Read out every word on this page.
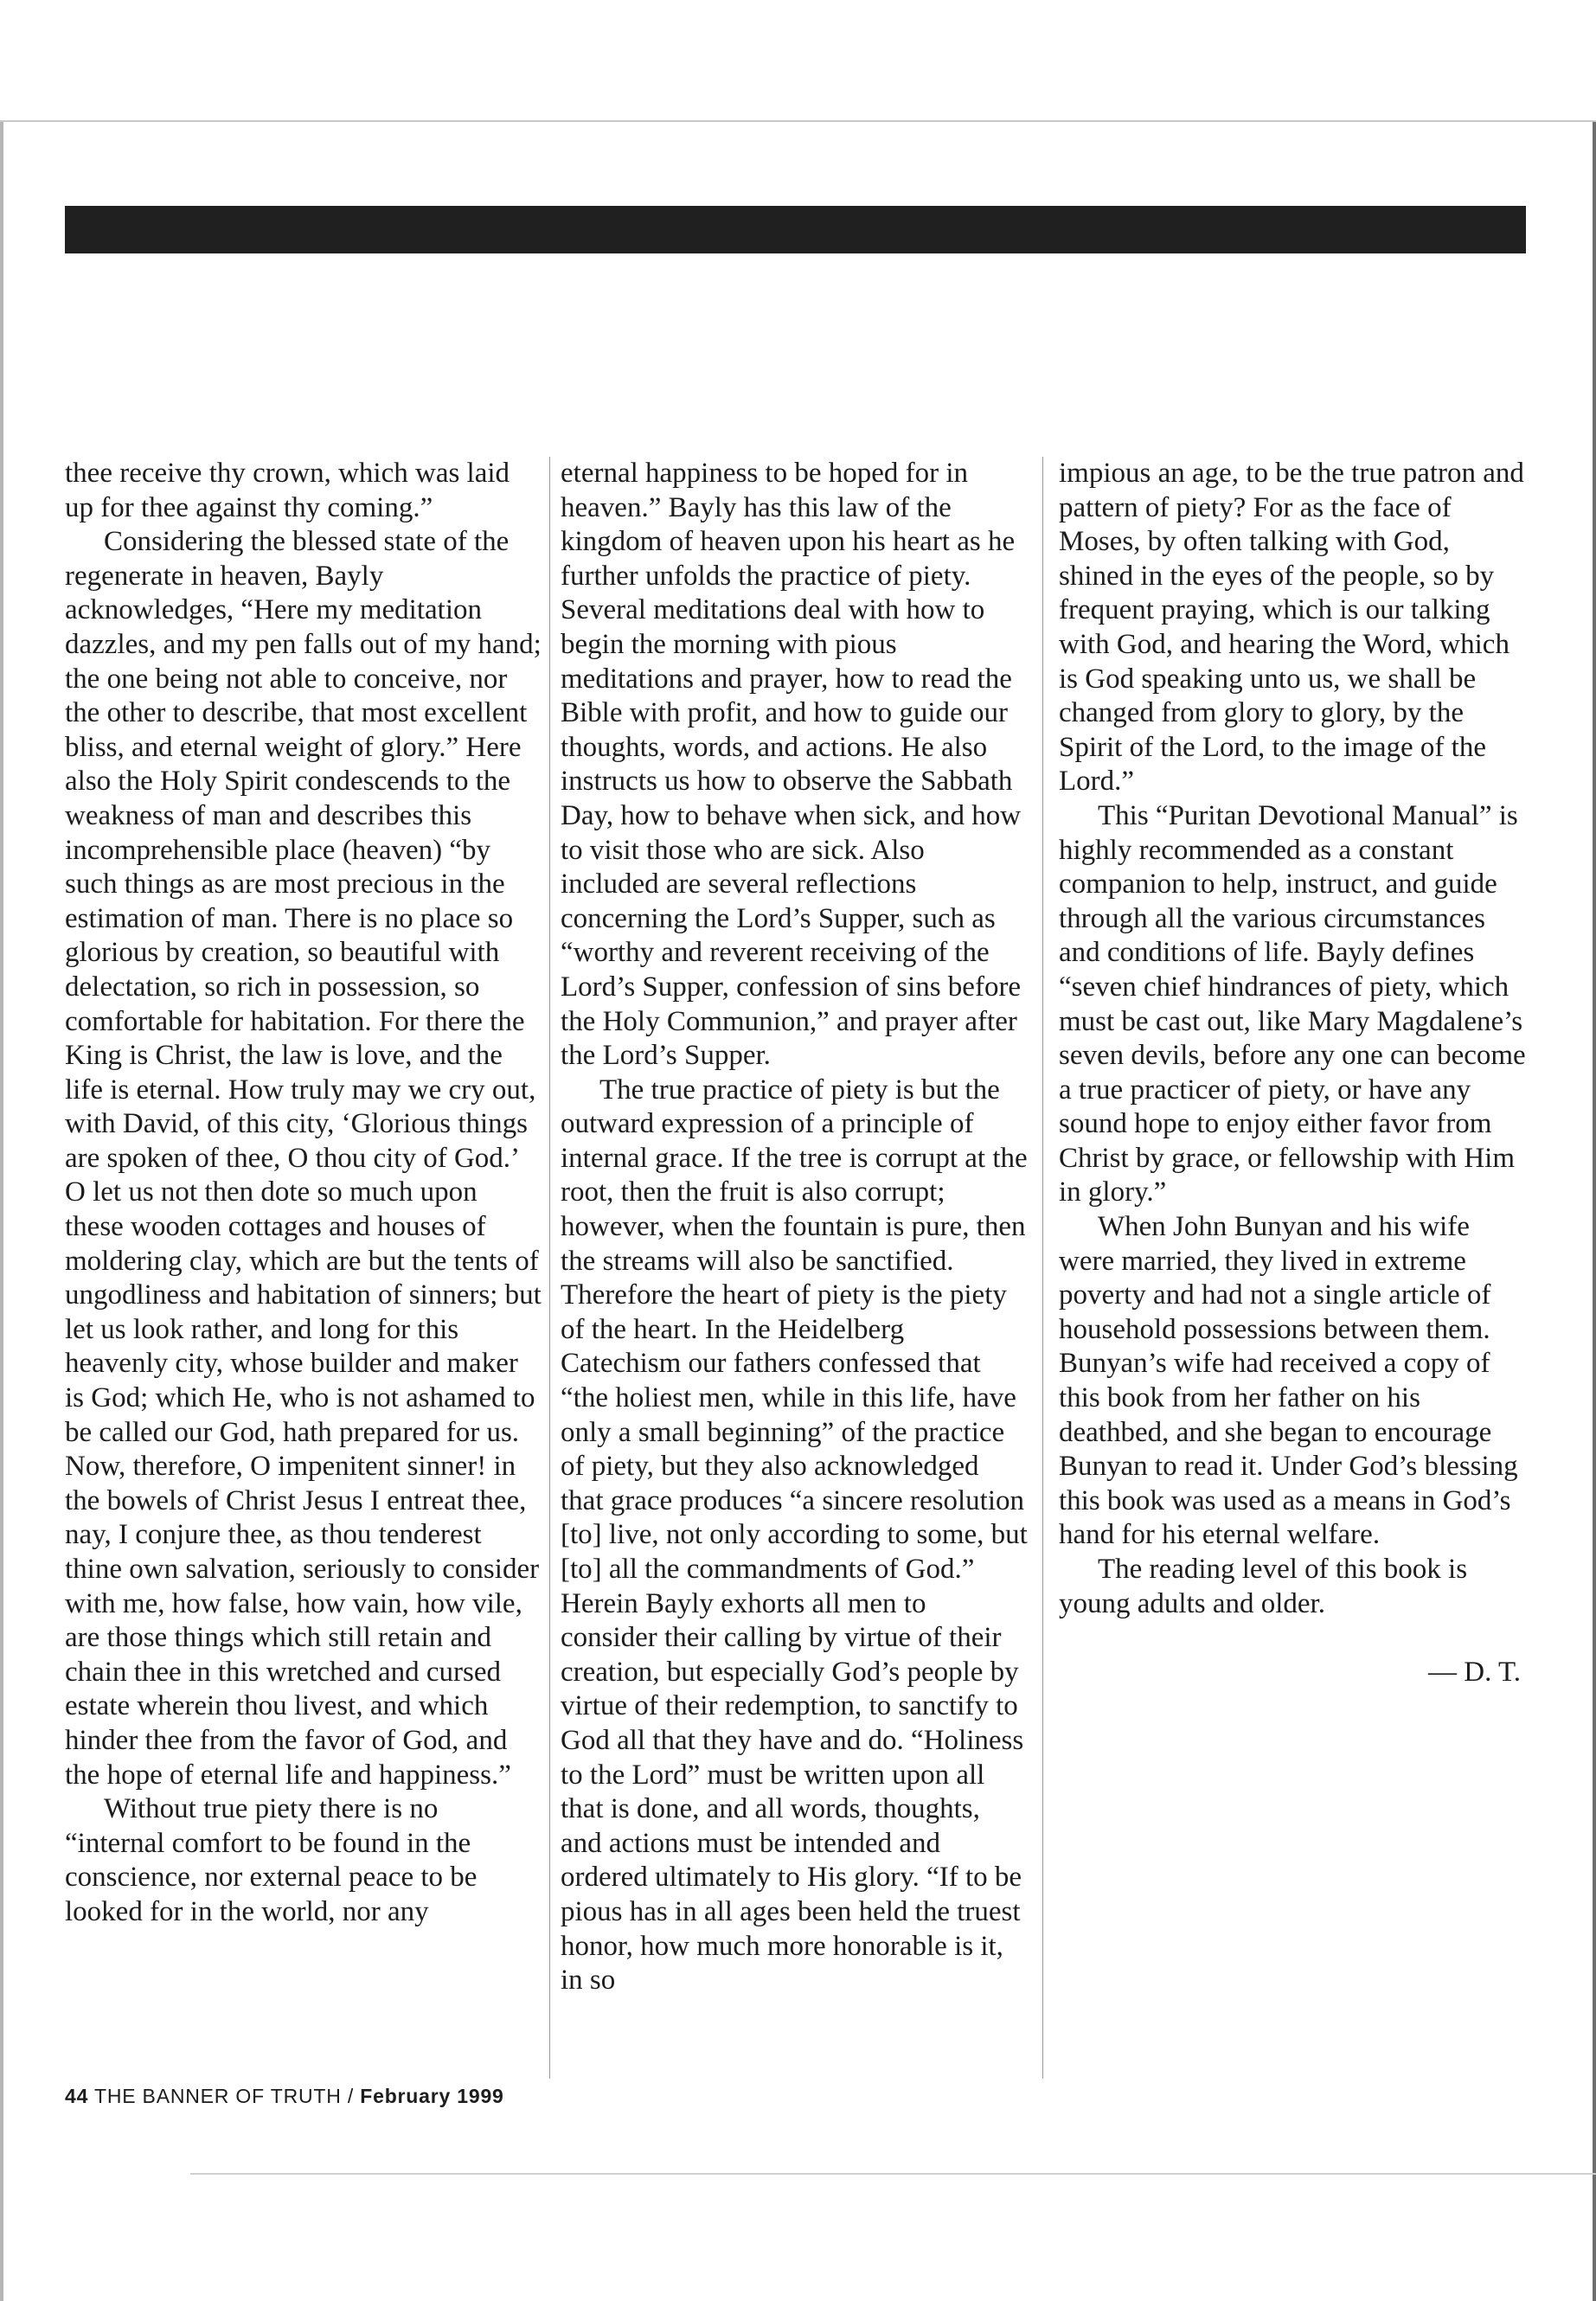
thee receive thy crown, which was laid up for thee against thy coming.”

Considering the blessed state of the regenerate in heaven, Bayly acknowledges, “Here my meditation dazzles, and my pen falls out of my hand; the one being not able to conceive, nor the other to describe, that most excellent bliss, and eternal weight of glory.” Here also the Holy Spirit condescends to the weakness of man and describes this incomprehensible place (heaven) “by such things as are most precious in the estimation of man. There is no place so glorious by creation, so beautiful with delectation, so rich in possession, so comfortable for habitation. For there the King is Christ, the law is love, and the life is eternal. How truly may we cry out, with David, of this city, ‘Glorious things are spoken of thee, O thou city of God.’ O let us not then dote so much upon these wooden cottages and houses of moldering clay, which are but the tents of ungodliness and habitation of sinners; but let us look rather, and long for this heavenly city, whose builder and maker is God; which He, who is not ashamed to be called our God, hath prepared for us. Now, therefore, O impenitent sinner! in the bowels of Christ Jesus I entreat thee, nay, I conjure thee, as thou tenderest thine own salvation, seriously to consider with me, how false, how vain, how vile, are those things which still retain and chain thee in this wretched and cursed estate wherein thou livest, and which hinder thee from the favor of God, and the hope of eternal life and happiness.”

Without true piety there is no “internal comfort to be found in the conscience, nor external peace to be looked for in the world, nor any

eternal happiness to be hoped for in heaven.” Bayly has this law of the kingdom of heaven upon his heart as he further unfolds the practice of piety. Several meditations deal with how to begin the morning with pious meditations and prayer, how to read the Bible with profit, and how to guide our thoughts, words, and actions. He also instructs us how to observe the Sabbath Day, how to behave when sick, and how to visit those who are sick. Also included are several reflections concerning the Lord’s Supper, such as “worthy and reverent receiving of the Lord’s Supper, confession of sins before the Holy Communion,” and prayer after the Lord’s Supper.

The true practice of piety is but the outward expression of a principle of internal grace. If the tree is corrupt at the root, then the fruit is also corrupt; however, when the fountain is pure, then the streams will also be sanctified. Therefore the heart of piety is the piety of the heart. In the Heidelberg Catechism our fathers confessed that “the holiest men, while in this life, have only a small beginning” of the practice of piety, but they also acknowledged that grace produces “a sincere resolution [to] live, not only according to some, but [to] all the commandments of God.” Herein Bayly exhorts all men to consider their calling by virtue of their creation, but especially God’s people by virtue of their redemption, to sanctify to God all that they have and do. “Holiness to the Lord” must be written upon all that is done, and all words, thoughts, and actions must be intended and ordered ultimately to His glory. “If to be pious has in all ages been held the truest honor, how much more honorable is it, in so

impious an age, to be the true patron and pattern of piety? For as the face of Moses, by often talking with God, shined in the eyes of the people, so by frequent praying, which is our talking with God, and hearing the Word, which is God speaking unto us, we shall be changed from glory to glory, by the Spirit of the Lord, to the image of the Lord.”

This “Puritan Devotional Manual” is highly recommended as a constant companion to help, instruct, and guide through all the various circumstances and conditions of life. Bayly defines “seven chief hindrances of piety, which must be cast out, like Mary Magdalene’s seven devils, before any one can become a true practicer of piety, or have any sound hope to enjoy either favor from Christ by grace, or fellowship with Him in glory.”

When John Bunyan and his wife were married, they lived in extreme poverty and had not a single article of household possessions between them. Bunyan’s wife had received a copy of this book from her father on his deathbed, and she began to encourage Bunyan to read it. Under God’s blessing this book was used as a means in God’s hand for his eternal welfare.

The reading level of this book is young adults and older.

— D. T.

44 THE BANNER OF TRUTH / February 1999
